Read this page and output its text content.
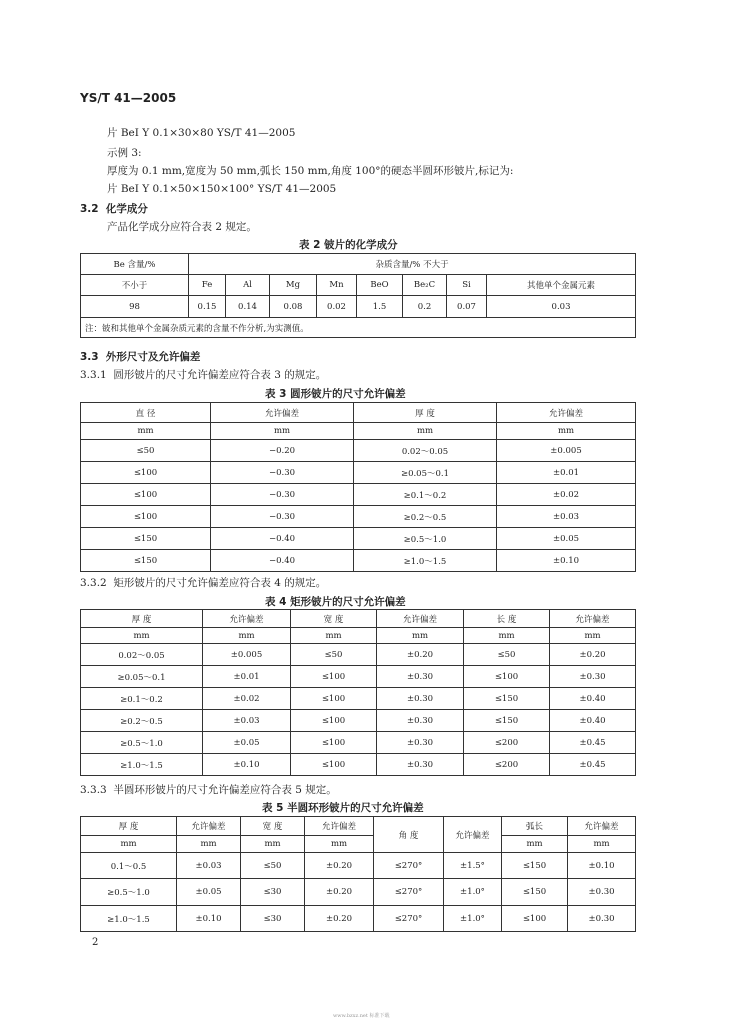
YS/T 41—2005
片 BeI Y 0.1×30×80 YS/T 41—2005
示例 3:
厚度为 0.1 mm,宽度为 50 mm,弧长 150 mm,角度 100°的硬态半圆环形铍片,标记为:
片 BeI Y 0.1×50×150×100° YS/T 41—2005
3.2 化学成分
产品化学成分应符合表 2 规定。
表 2 铍片的化学成分
Be 含量/%	杂质含量/% 不大于							
不小于	Fe	Al	Mg	Mn	BeO	Be₂C	Si	其他单个金属元素
98	0.15	0.14	0.08	0.02	1.5	0.2	0.07	0.03
注：铍和其他单个金属杂质元素的含量不作分析,为实测值。								
3.3 外形尺寸及允许偏差
3.3.1 圆形铍片的尺寸允许偏差应符合表 3 的规定。
表 3 圆形铍片的尺寸允许偏差
直 径	允许偏差	厚 度	允许偏差
mm	mm	mm	mm
≤50	−0.20	0.02～0.05	±0.005
≤100	−0.30	≥0.05～0.1	±0.01
≤100	−0.30	≥0.1～0.2	±0.02
≤100	−0.30	≥0.2～0.5	±0.03
≤150	−0.40	≥0.5～1.0	±0.05
≤150	−0.40	≥1.0～1.5	±0.10
3.3.2 矩形铍片的尺寸允许偏差应符合表 4 的规定。
表 4 矩形铍片的尺寸允许偏差
厚 度	允许偏差	宽 度	允许偏差	长 度	允许偏差
mm	mm	mm	mm	mm	mm
0.02～0.05	±0.005	≤50	±0.20	≤50	±0.20
≥0.05～0.1	±0.01	≤100	±0.30	≤100	±0.30
≥0.1～0.2	±0.02	≤100	±0.30	≤150	±0.40
≥0.2～0.5	±0.03	≤100	±0.30	≤150	±0.40
≥0.5～1.0	±0.05	≤100	±0.30	≤200	±0.45
≥1.0～1.5	±0.10	≤100	±0.30	≤200	±0.45
3.3.3 半圆环形铍片的尺寸允许偏差应符合表 5 规定。
表 5 半圆环形铍片的尺寸允许偏差
厚 度	允许偏差	宽 度	允许偏差	角 度	允许偏差	弧长	允许偏差
mm	mm	mm	mm			mm	mm
0.1～0.5	±0.03	≤50	±0.20	≤270°	±1.5°	≤150	±0.10
≥0.5～1.0	±0.05	≤30	±0.20	≤270°	±1.0°	≤150	±0.30
≥1.0～1.5	±0.10	≤30	±0.20	≤270°	±1.0°	≤100	±0.30
2
www.bzxz.net 标准下载
